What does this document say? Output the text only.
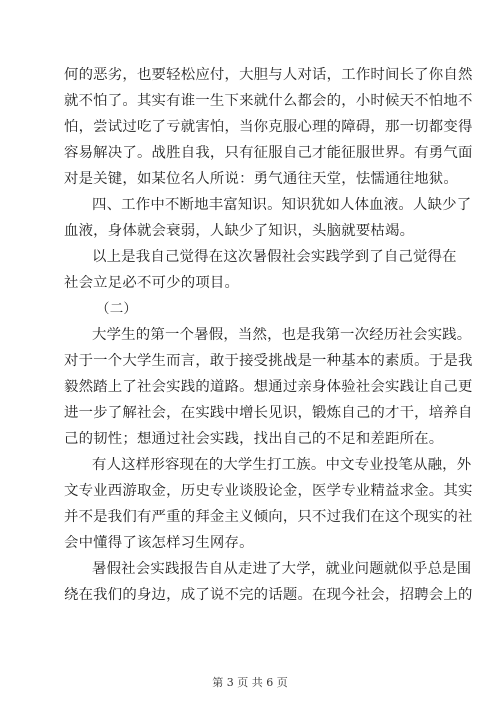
何的恶劣，也要轻松应付，大胆与人对话，工作时间长了你自然
就不怕了。其实有谁一生下来就什么都会的，小时候天不怕地不
怕，尝试过吃了亏就害怕，当你克服心理的障碍，那一切都变得
容易解决了。战胜自我，只有征服自己才能征服世界。有勇气面
对是关键，如某位名人所说：勇气通往天堂，怯懦通往地狱。
四、工作中不断地丰富知识。知识犹如人体血液。人缺少了
血液，身体就会衰弱，人缺少了知识，头脑就要枯竭。
以上是我自己觉得在这次暑假社会实践学到了自己觉得在
社会立足必不可少的项目。
（二）
大学生的第一个暑假，当然，也是我第一次经历社会实践。
对于一个大学生而言，敢于接受挑战是一种基本的素质。于是我
毅然踏上了社会实践的道路。想通过亲身体验社会实践让自己更
进一步了解社会，在实践中增长见识，锻炼自己的才干，培养自
己的韧性；想通过社会实践，找出自己的不足和差距所在。
有人这样形容现在的大学生打工族。中文专业投笔从融，外
文专业西游取金，历史专业谈股论金，医学专业精益求金。其实
并不是我们有严重的拜金主义倾向，只不过我们在这个现实的社
会中懂得了该怎样习生网存。
暑假社会实践报告自从走进了大学，就业问题就似乎总是围
绕在我们的身边，成了说不完的话题。在现今社会，招聘会上的
第 3 页 共 6 页
